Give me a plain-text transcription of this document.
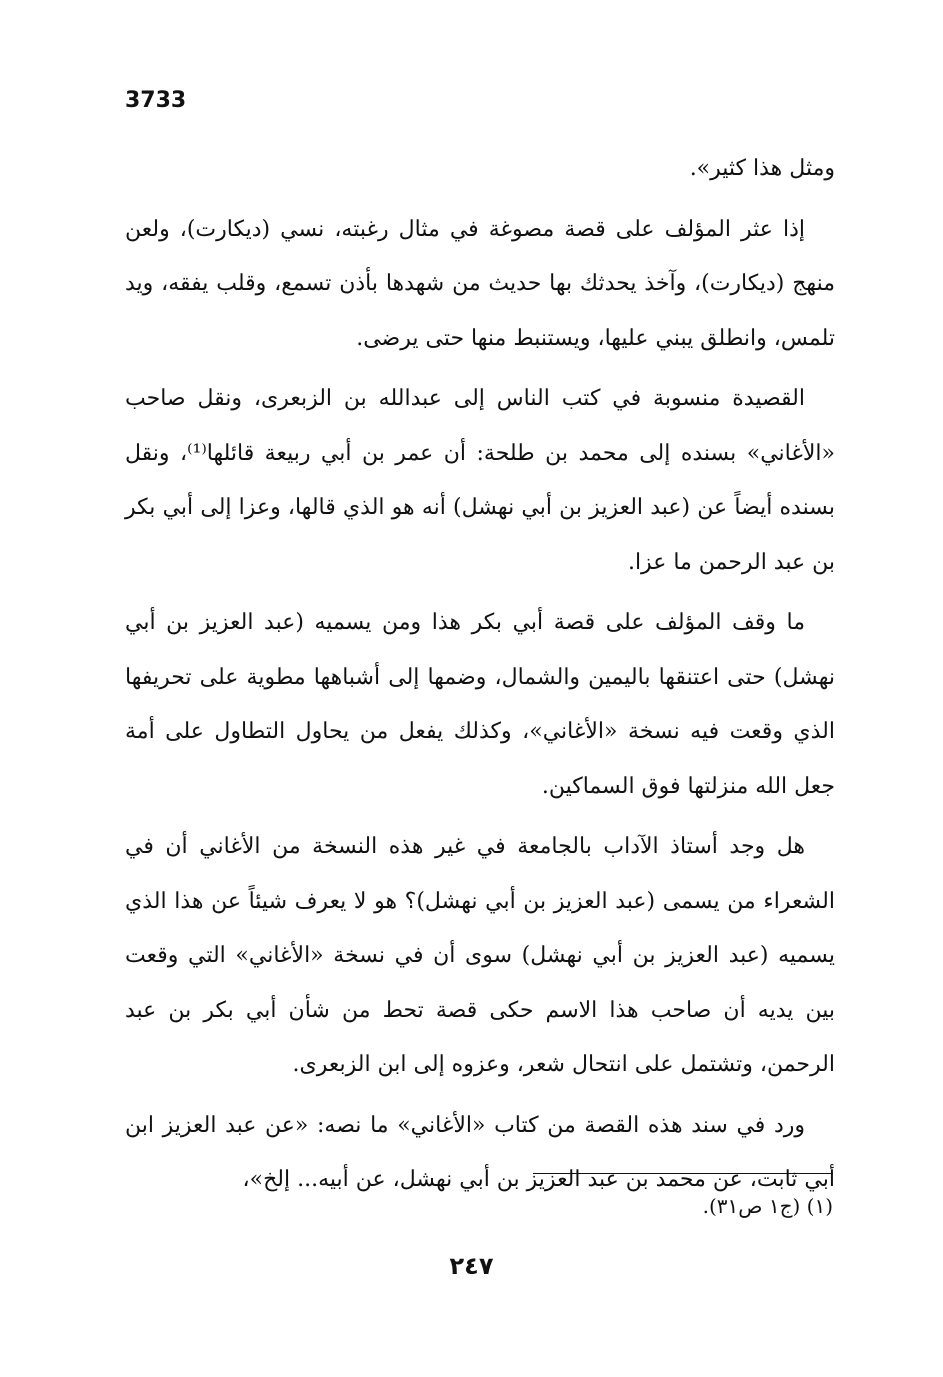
3733

ومثل هذا كثير».

إذا عثر المؤلف على قصة مصوغة في مثال رغبته، نسي (ديكارت)، ولعن منهج (ديكارت)، وآخذ يحدثك بها حديث من شهدها بأذن تسمع، وقلب يفقه، ويد تلمس، وانطلق يبني عليها، ويستنبط منها حتى يرضى.

القصيدة منسوبة في كتب الناس إلى عبدالله بن الزبعرى، ونقل صاحب «الأغاني» بسنده إلى محمد بن طلحة: أن عمر بن أبي ربيعة قائلها⁽¹⁾، ونقل بسنده أيضاً عن (عبد العزيز بن أبي نهشل) أنه هو الذي قالها، وعزا إلى أبي بكر بن عبد الرحمن ما عزا.

ما وقف المؤلف على قصة أبي بكر هذا ومن يسميه (عبد العزيز بن أبي نهشل) حتى اعتنقها باليمين والشمال، وضمها إلى أشباهها مطوية على تحريفها الذي وقعت فيه نسخة «الأغاني»، وكذلك يفعل من يحاول التطاول على أمة جعل الله منزلتها فوق السماكين.

هل وجد أستاذ الآداب بالجامعة في غير هذه النسخة من الأغاني أن في الشعراء من يسمى (عبد العزيز بن أبي نهشل)؟ هو لا يعرف شيئاً عن هذا الذي يسميه (عبد العزيز بن أبي نهشل) سوى أن في نسخة «الأغاني» التي وقعت بين يديه أن صاحب هذا الاسم حكى قصة تحط من شأن أبي بكر بن عبد الرحمن، وتشتمل على انتحال شعر، وعزوه إلى ابن الزبعرى.

ورد في سند هذه القصة من كتاب «الأغاني» ما نصه: «عن عبد العزيز ابن أبي ثابت، عن محمد بن عبد العزيز بن أبي نهشل، عن أبيه... إلخ»،

(١) (ج١ ص٣١).
٢٤٧
